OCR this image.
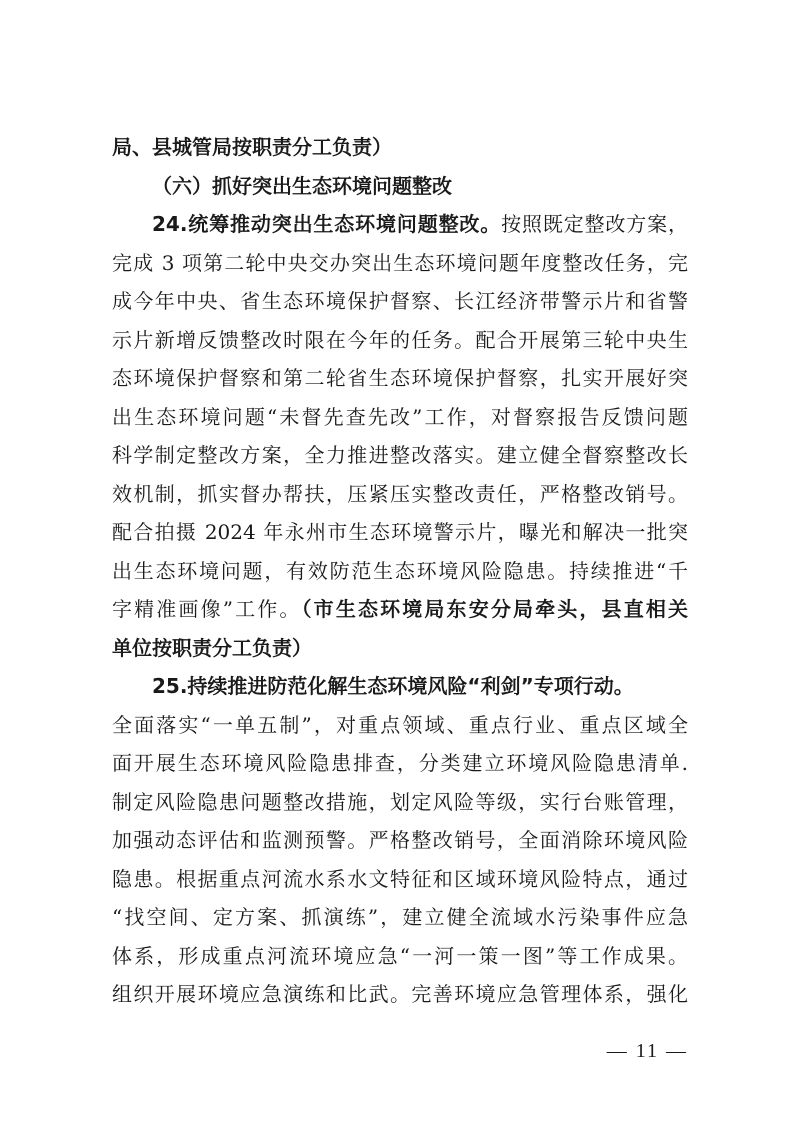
局、县城管局按职责分工负责）
（六）抓好突出生态环境问题整改
24.统筹推动突出生态环境问题整改。按照既定整改方案，
完成 3 项第二轮中央交办突出生态环境问题年度整改任务，完
成今年中央、省生态环境保护督察、长江经济带警示片和省警
示片新增反馈整改时限在今年的任务。配合开展第三轮中央生
态环境保护督察和第二轮省生态环境保护督察，扎实开展好突
出生态环境问题“未督先查先改”工作，对督察报告反馈问题
科学制定整改方案，全力推进整改落实。建立健全督察整改长
效机制，抓实督办帮扶，压紧压实整改责任，严格整改销号。
配合拍摄 2024 年永州市生态环境警示片，曝光和解决一批突
出生态环境问题，有效防范生态环境风险隐患。持续推进“千
字精准画像”工作。（市生态环境局东安分局牵头，县直相关
单位按职责分工负责）
25.持续推进防范化解生态环境风险“利剑”专项行动。
全面落实“一单五制”，对重点领域、重点行业、重点区域全
面开展生态环境风险隐患排查，分类建立环境风险隐患清单.
制定风险隐患问题整改措施，划定风险等级，实行台账管理，
加强动态评估和监测预警。严格整改销号，全面消除环境风险
隐患。根据重点河流水系水文特征和区域环境风险特点，通过
“找空间、定方案、抓演练”，建立健全流域水污染事件应急
体系，形成重点河流环境应急“一河一策一图”等工作成果。
组织开展环境应急演练和比武。完善环境应急管理体系，强化
— 11 —
